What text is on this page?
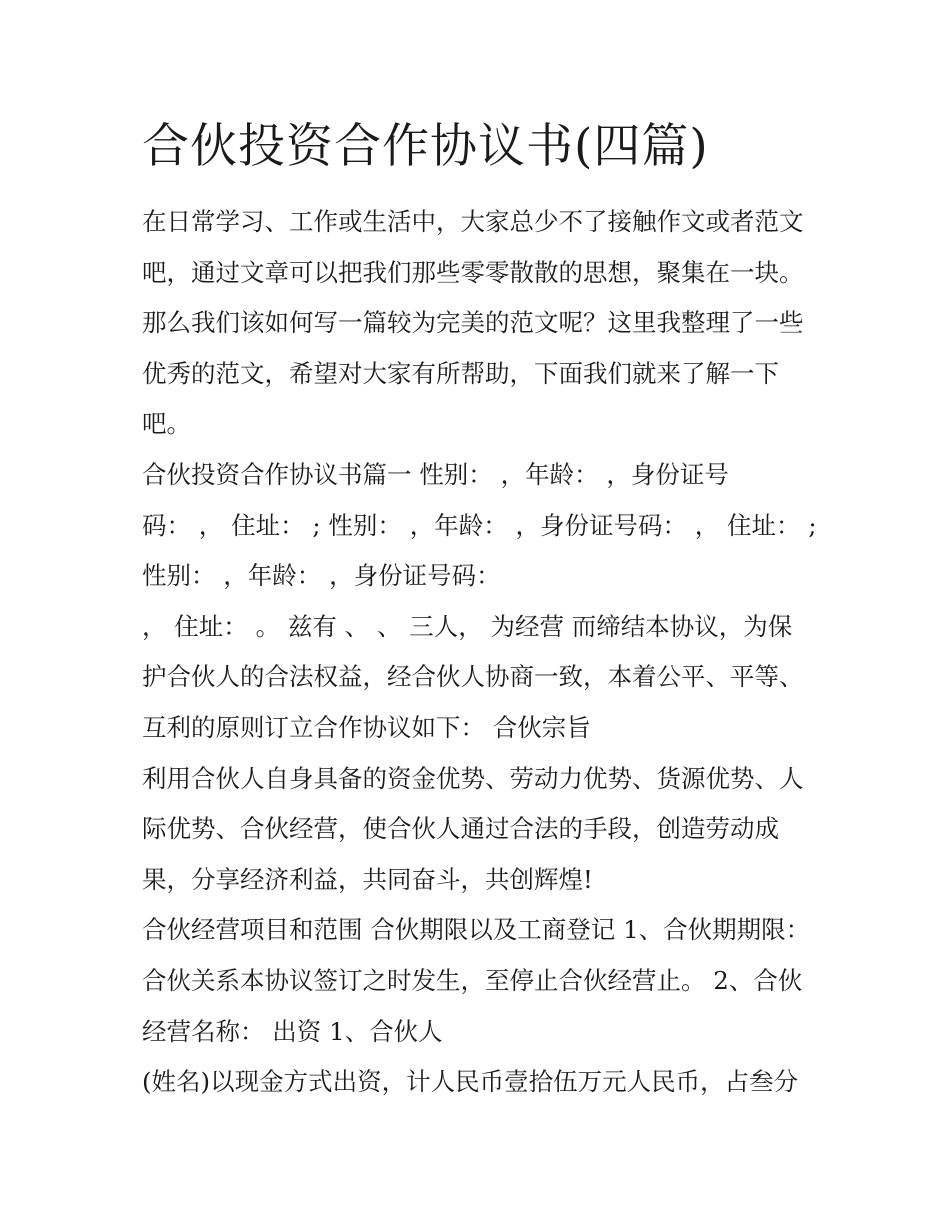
合伙投资合作协议书(四篇)

在日常学习、工作或生活中，大家总少不了接触作文或者范文

吧，通过文章可以把我们那些零零散散的思想，聚集在一块。

那么我们该如何写一篇较为完美的范文呢？这里我整理了一些

优秀的范文，希望对大家有所帮助，下面我们就来了解一下

吧。

合伙投资合作协议书篇一 性别： ，年龄： ，身份证号

码： ， 住址： ; 性别： ，年龄： ，身份证号码： ， 住址： ;

性别： ，年龄： ，身份证号码：

， 住址： 。 兹有 、 、 三人， 为经营 而缔结本协议，为保

护合伙人的合法权益，经合伙人协商一致，本着公平、平等、

互利的原则订立合作协议如下： 合伙宗旨

利用合伙人自身具备的资金优势、劳动力优势、货源优势、人

际优势、合伙经营，使合伙人通过合法的手段，创造劳动成

果，分享经济利益，共同奋斗，共创辉煌!

合伙经营项目和范围 合伙期限以及工商登记 1、合伙期期限：

合伙关系本协议签订之时发生，至停止合伙经营止。 2、合伙

经营名称： 出资 1、合伙人

(姓名)以现金方式出资，计人民币壹拾伍万元人民币，占叁分
